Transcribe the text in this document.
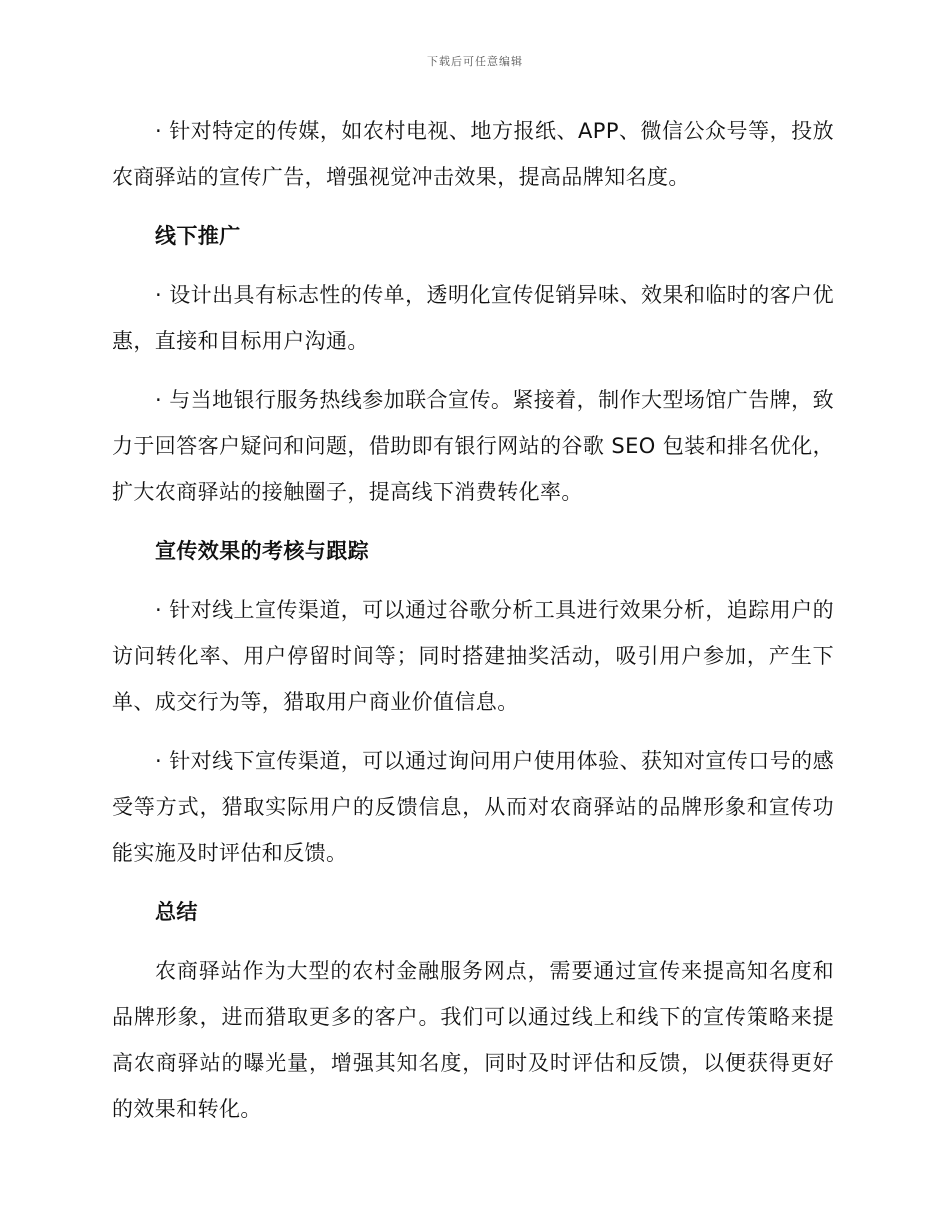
下载后可任意编辑

· 针对特定的传媒，如农村电视、地方报纸、APP、微信公众号等，投放农商驿站的宣传广告，增强视觉冲击效果，提高品牌知名度。

线下推广

· 设计出具有标志性的传单，透明化宣传促销异味、效果和临时的客户优惠，直接和目标用户沟通。

· 与当地银行服务热线参加联合宣传。紧接着，制作大型场馆广告牌，致力于回答客户疑问和问题，借助即有银行网站的谷歌 SEO 包装和排名优化，扩大农商驿站的接触圈子，提高线下消费转化率。

宣传效果的考核与跟踪

· 针对线上宣传渠道，可以通过谷歌分析工具进行效果分析，追踪用户的访问转化率、用户停留时间等；同时搭建抽奖活动，吸引用户参加，产生下单、成交行为等，猎取用户商业价值信息。

· 针对线下宣传渠道，可以通过询问用户使用体验、获知对宣传口号的感受等方式，猎取实际用户的反馈信息，从而对农商驿站的品牌形象和宣传功能实施及时评估和反馈。

总结

农商驿站作为大型的农村金融服务网点，需要通过宣传来提高知名度和品牌形象，进而猎取更多的客户。我们可以通过线上和线下的宣传策略来提高农商驿站的曝光量，增强其知名度，同时及时评估和反馈，以便获得更好的效果和转化。
